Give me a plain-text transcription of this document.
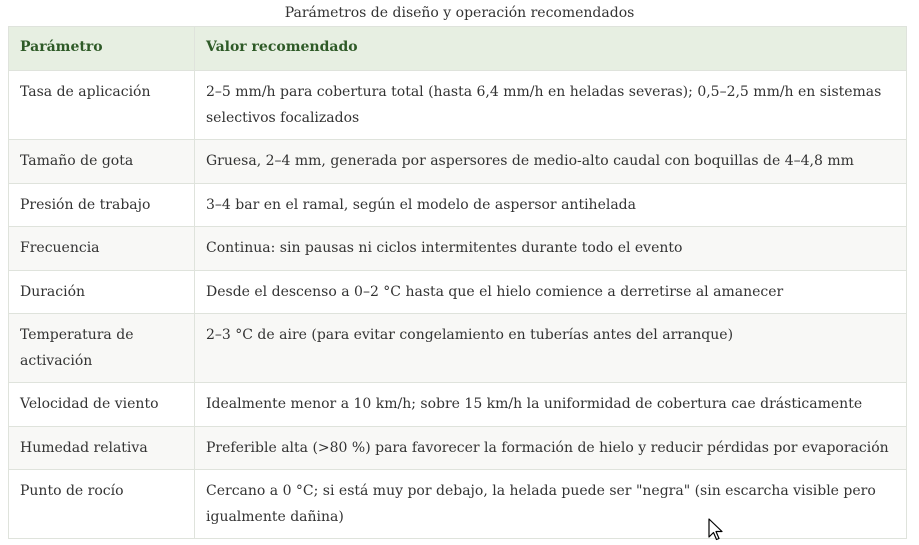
Parámetros de diseño y operación recomendados
Parámetro	Valor recomendado
Tasa de aplicación	2–5 mm/h para cobertura total (hasta 6,4 mm/h en heladas severas); 0,5–2,5 mm/h en sistemas selectivos focalizados
Tamaño de gota	Gruesa, 2–4 mm, generada por aspersores de medio-alto caudal con boquillas de 4–4,8 mm
Presión de trabajo	3–4 bar en el ramal, según el modelo de aspersor antihelada
Frecuencia	Continua: sin pausas ni ciclos intermitentes durante todo el evento
Duración	Desde el descenso a 0–2 °C hasta que el hielo comience a derretirse al amanecer
Temperatura de activación	2–3 °C de aire (para evitar congelamiento en tuberías antes del arranque)
Velocidad de viento	Idealmente menor a 10 km/h; sobre 15 km/h la uniformidad de cobertura cae drásticamente
Humedad relativa	Preferible alta (>80 %) para favorecer la formación de hielo y reducir pérdidas por evaporación
Punto de rocío	Cercano a 0 °C; si está muy por debajo, la helada puede ser "negra" (sin escarcha visible pero igualmente dañina)
